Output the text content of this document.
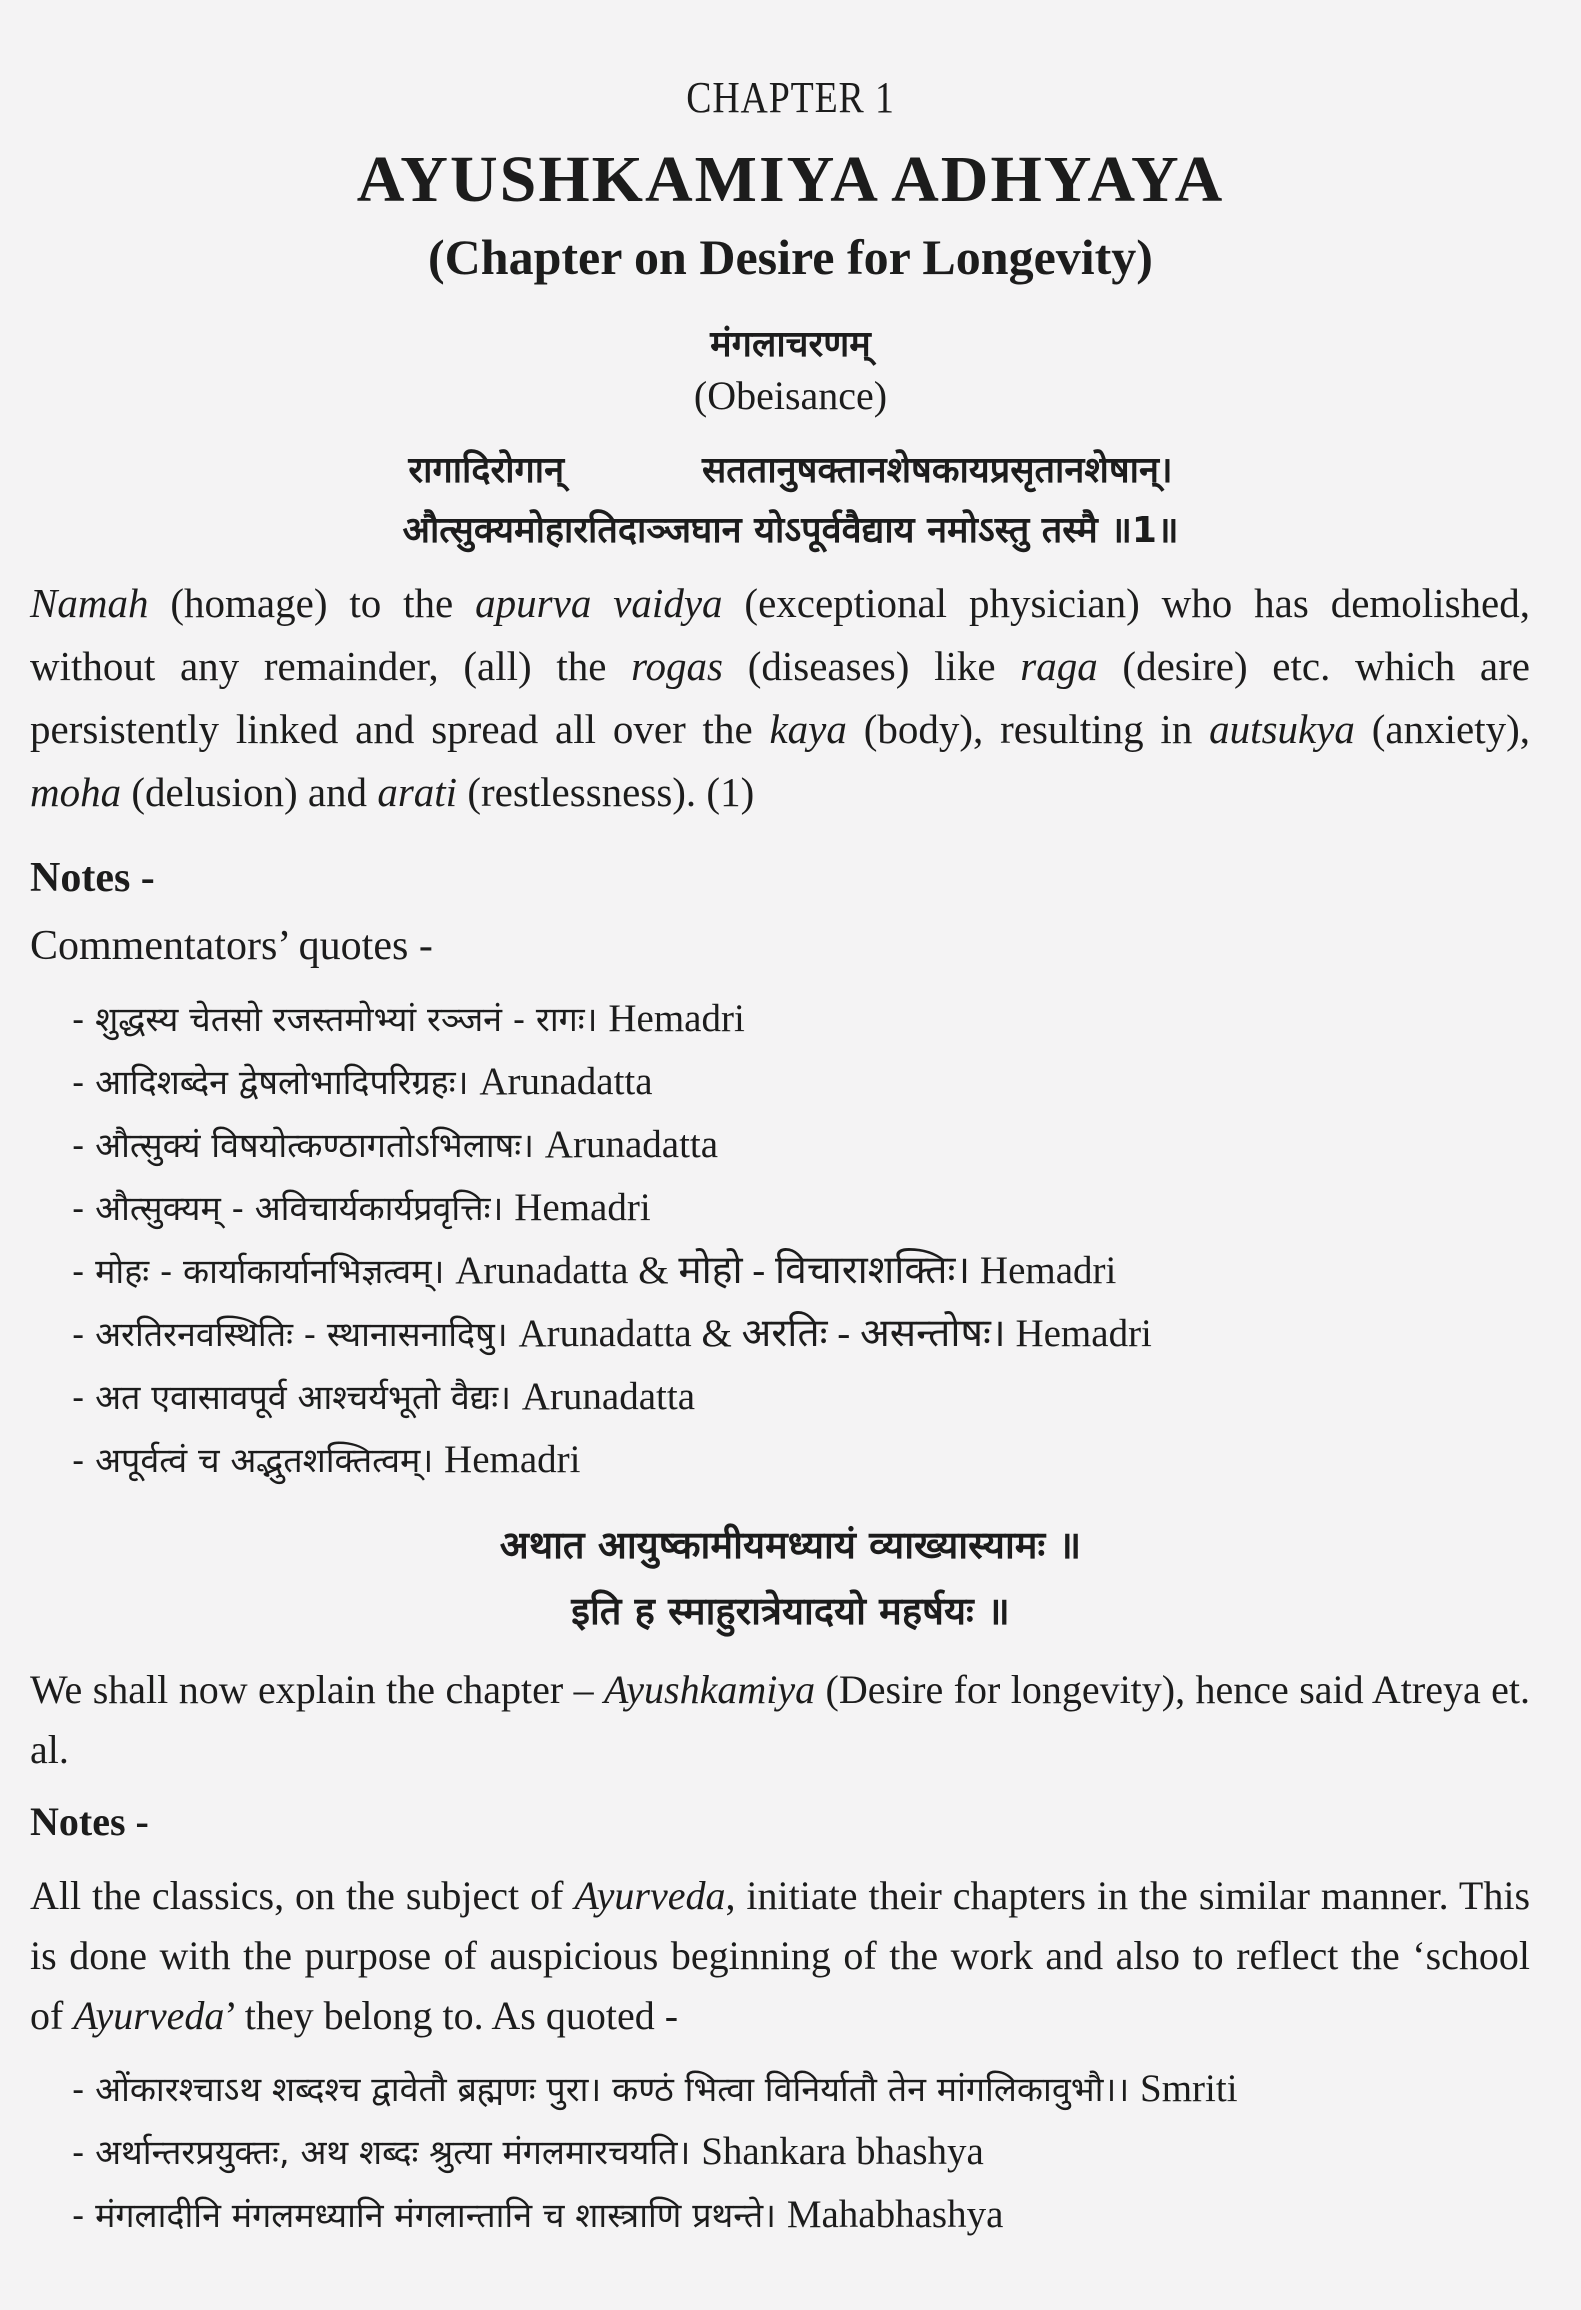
CHAPTER 1
AYUSHKAMIYA ADHYAYA
(Chapter on Desire for Longevity)
मंगलाचरणम्
(Obeisance)
रागादिरोगान्           सततानुषक्तानशेषकायप्रसृतानशेषान्।
औत्सुक्यमोहारतिदाञ्जघान योऽपूर्ववैद्याय नमोऽस्तु तस्मै ॥1॥
Namah (homage) to the apurva vaidya (exceptional physician) who has demolished, without any remainder, (all) the rogas (diseases) like raga (desire) etc. which are persistently linked and spread all over the kaya (body), resulting in autsukya (anxiety), moha (delusion) and arati (restlessness). (1)
Notes -
Commentators’ quotes -
- शुद्धस्य चेतसो रजस्तमोभ्यां रञ्जनं - रागः। Hemadri
- आदिशब्देन द्वेषलोभादिपरिग्रहः। Arunadatta
- औत्सुक्यं विषयोत्कण्ठागतोऽभिलाषः। Arunadatta
- औत्सुक्यम् - अविचार्यकार्यप्रवृत्तिः। Hemadri
- मोहः - कार्याकार्यानभिज्ञत्वम्। Arunadatta & मोहो - विचाराशक्तिः। Hemadri
- अरतिरनवस्थितिः - स्थानासनादिषु। Arunadatta & अरतिः - असन्तोषः। Hemadri
- अत एवासावपूर्व आश्चर्यभूतो वैद्यः। Arunadatta
- अपूर्वत्वं च अद्भुतशक्तित्वम्। Hemadri
अथात आयुष्कामीयमध्यायं व्याख्यास्यामः ॥
इति ह स्माहुरात्रेयादयो महर्षयः ॥
We shall now explain the chapter – Ayushkamiya (Desire for longevity), hence said Atreya et. al.
Notes -
All the classics, on the subject of Ayurveda, initiate their chapters in the similar manner. This is done with the purpose of auspicious beginning of the work and also to reflect the ‘school of Ayurveda’ they belong to. As quoted -
- ओंकारश्चाऽथ शब्दश्च द्वावेतौ ब्रह्मणः पुरा। कण्ठं भित्वा विनिर्यातौ तेन मांगलिकावुभौ।। Smriti
- अर्थान्तरप्रयुक्तः, अथ शब्दः श्रुत्या मंगलमारचयति। Shankara bhashya
- मंगलादीनि मंगलमध्यानि मंगलान्तानि च शास्त्राणि प्रथन्ते। Mahabhashya
